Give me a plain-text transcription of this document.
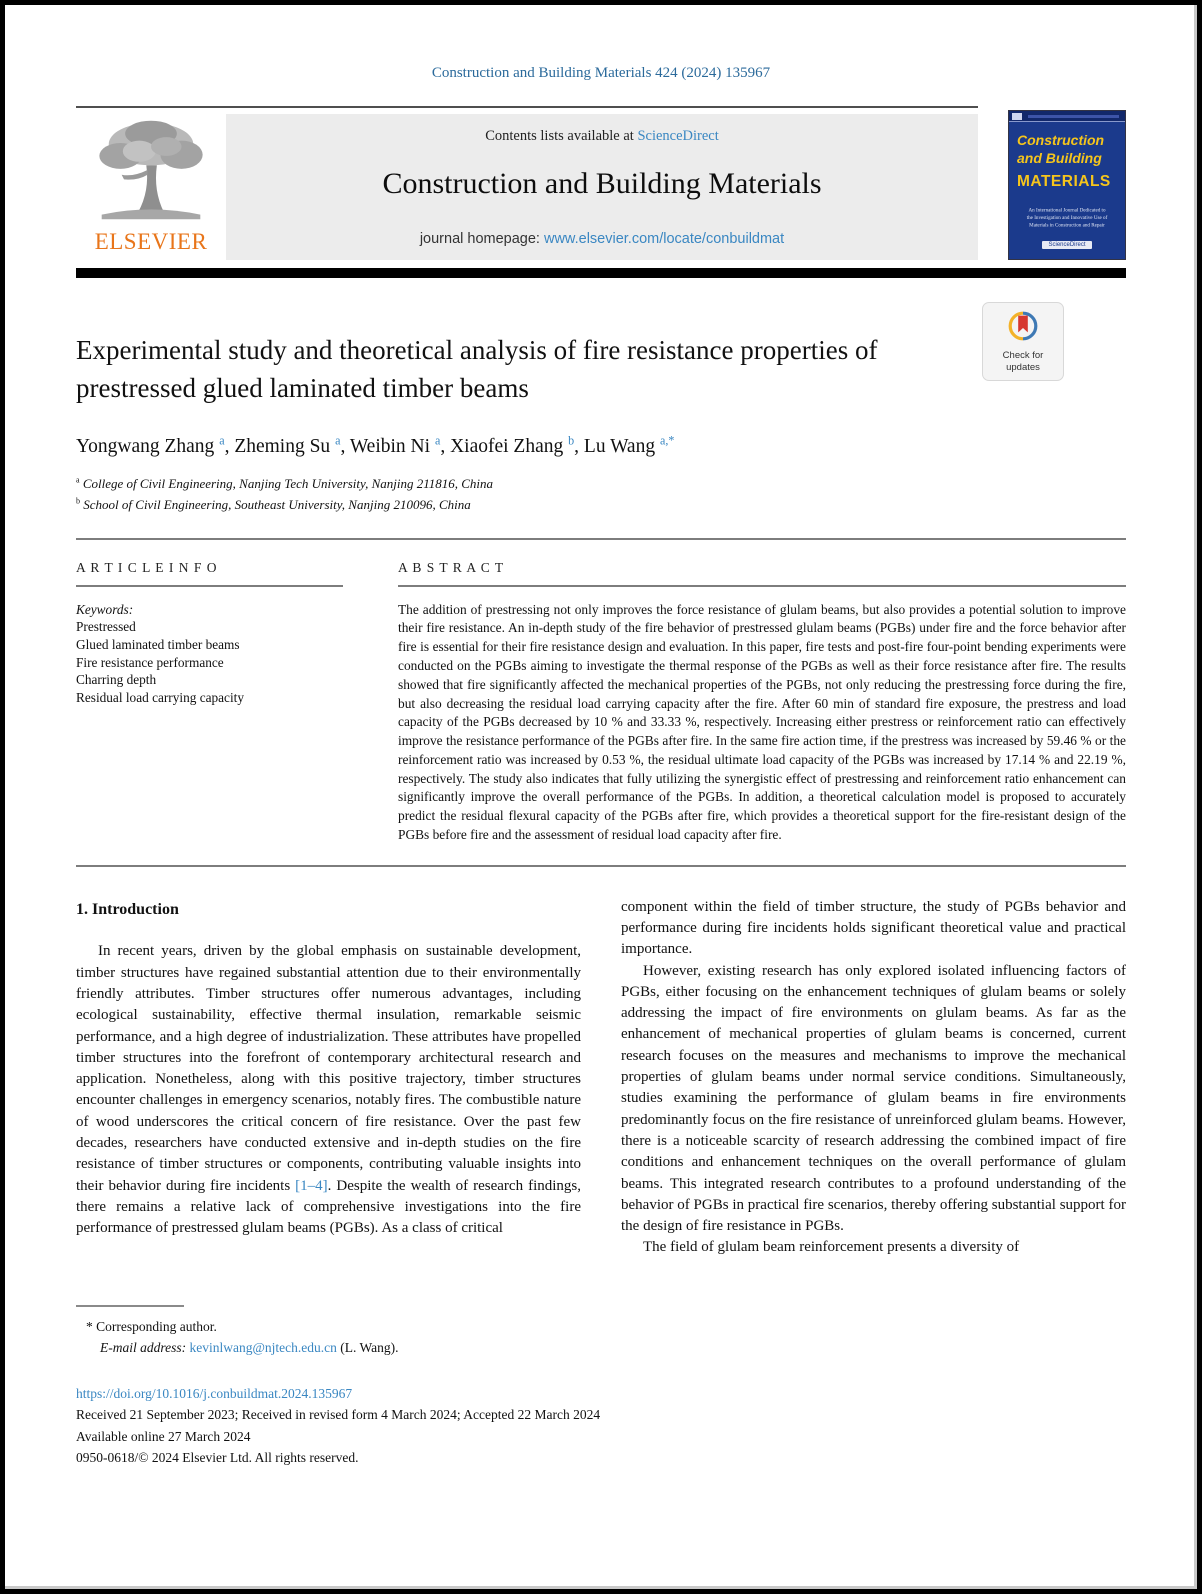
Construction and Building Materials 424 (2024) 135967
ELSEVIER
Contents lists available at ScienceDirect
Construction and Building Materials
journal homepage: www.elsevier.com/locate/conbuildmat
Construction
and Building
MATERIALS
An International Journal Dedicated to the Investigation and Innovative Use of Materials in Construction and Repair
ScienceDirect
Experimental study and theoretical analysis of fire resistance properties of prestressed glued laminated timber beams
Check for
updates
Yongwang Zhang $^a$, Zheming Su $^a$, Weibin Ni $^a$, Xiaofei Zhang $^b$, Lu Wang $^{a,*}$
$^a$ College of Civil Engineering, Nanjing Tech University, Nanjing 211816, China
$^b$ School of Civil Engineering, Southeast University, Nanjing 210096, China
A R T I C L E I N F O
Keywords:
Prestressed
Glued laminated timber beams
Fire resistance performance
Charring depth
Residual load carrying capacity
A B S T R A C T
The addition of prestressing not only improves the force resistance of glulam beams, but also provides a potential solution to improve their fire resistance. An in-depth study of the fire behavior of prestressed glulam beams (PGBs) under fire and the force behavior after fire is essential for their fire resistance design and evaluation. In this paper, fire tests and post-fire four-point bending experiments were conducted on the PGBs aiming to investigate the thermal response of the PGBs as well as their force resistance after fire. The results showed that fire significantly affected the mechanical properties of the PGBs, not only reducing the prestressing force during the fire, but also decreasing the residual load carrying capacity after the fire. After 60 min of standard fire exposure, the prestress and load capacity of the PGBs decreased by 10 % and 33.33 %, respectively. Increasing either prestress or reinforcement ratio can effectively improve the resistance performance of the PGBs after fire. In the same fire action time, if the prestress was increased by 59.46 % or the reinforcement ratio was increased by 0.53 %, the residual ultimate load capacity of the PGBs was increased by 17.14 % and 22.19 %, respectively. The study also indicates that fully utilizing the synergistic effect of prestressing and reinforcement ratio enhancement can significantly improve the overall performance of the PGBs. In addition, a theoretical calculation model is proposed to accurately predict the residual flexural capacity of the PGBs after fire, which provides a theoretical support for the fire-resistant design of the PGBs before fire and the assessment of residual load capacity after fire.
1. Introduction

In recent years, driven by the global emphasis on sustainable development, timber structures have regained substantial attention due to their environmentally friendly attributes. Timber structures offer numerous advantages, including ecological sustainability, effective thermal insulation, remarkable seismic performance, and a high degree of industrialization. These attributes have propelled timber structures into the forefront of contemporary architectural research and application. Nonetheless, along with this positive trajectory, timber structures encounter challenges in emergency scenarios, notably fires. The combustible nature of wood underscores the critical concern of fire resistance. Over the past few decades, researchers have conducted extensive and in-depth studies on the fire resistance of timber structures or components, contributing valuable insights into their behavior during fire incidents [1–4]. Despite the wealth of research findings, there remains a relative lack of comprehensive investigations into the fire performance of prestressed glulam beams (PGBs). As a class of critical

component within the field of timber structure, the study of PGBs behavior and performance during fire incidents holds significant theoretical value and practical importance.

However, existing research has only explored isolated influencing factors of PGBs, either focusing on the enhancement techniques of glulam beams or solely addressing the impact of fire environments on glulam beams. As far as the enhancement of mechanical properties of glulam beams is concerned, current research focuses on the measures and mechanisms to improve the mechanical properties of glulam beams under normal service conditions. Simultaneously, studies examining the performance of glulam beams in fire environments predominantly focus on the fire resistance of unreinforced glulam beams. However, there is a noticeable scarcity of research addressing the combined impact of fire conditions and enhancement techniques on the overall performance of glulam beams. This integrated research contributes to a profound understanding of the behavior of PGBs in practical fire scenarios, thereby offering substantial support for the design of fire resistance in PGBs.

The field of glulam beam reinforcement presents a diversity of

* Corresponding author.
E-mail address: kevinlwang@njtech.edu.cn (L. Wang).
https://doi.org/10.1016/j.conbuildmat.2024.135967
Received 21 September 2023; Received in revised form 4 March 2024; Accepted 22 March 2024
Available online 27 March 2024
0950-0618/© 2024 Elsevier Ltd. All rights reserved.
